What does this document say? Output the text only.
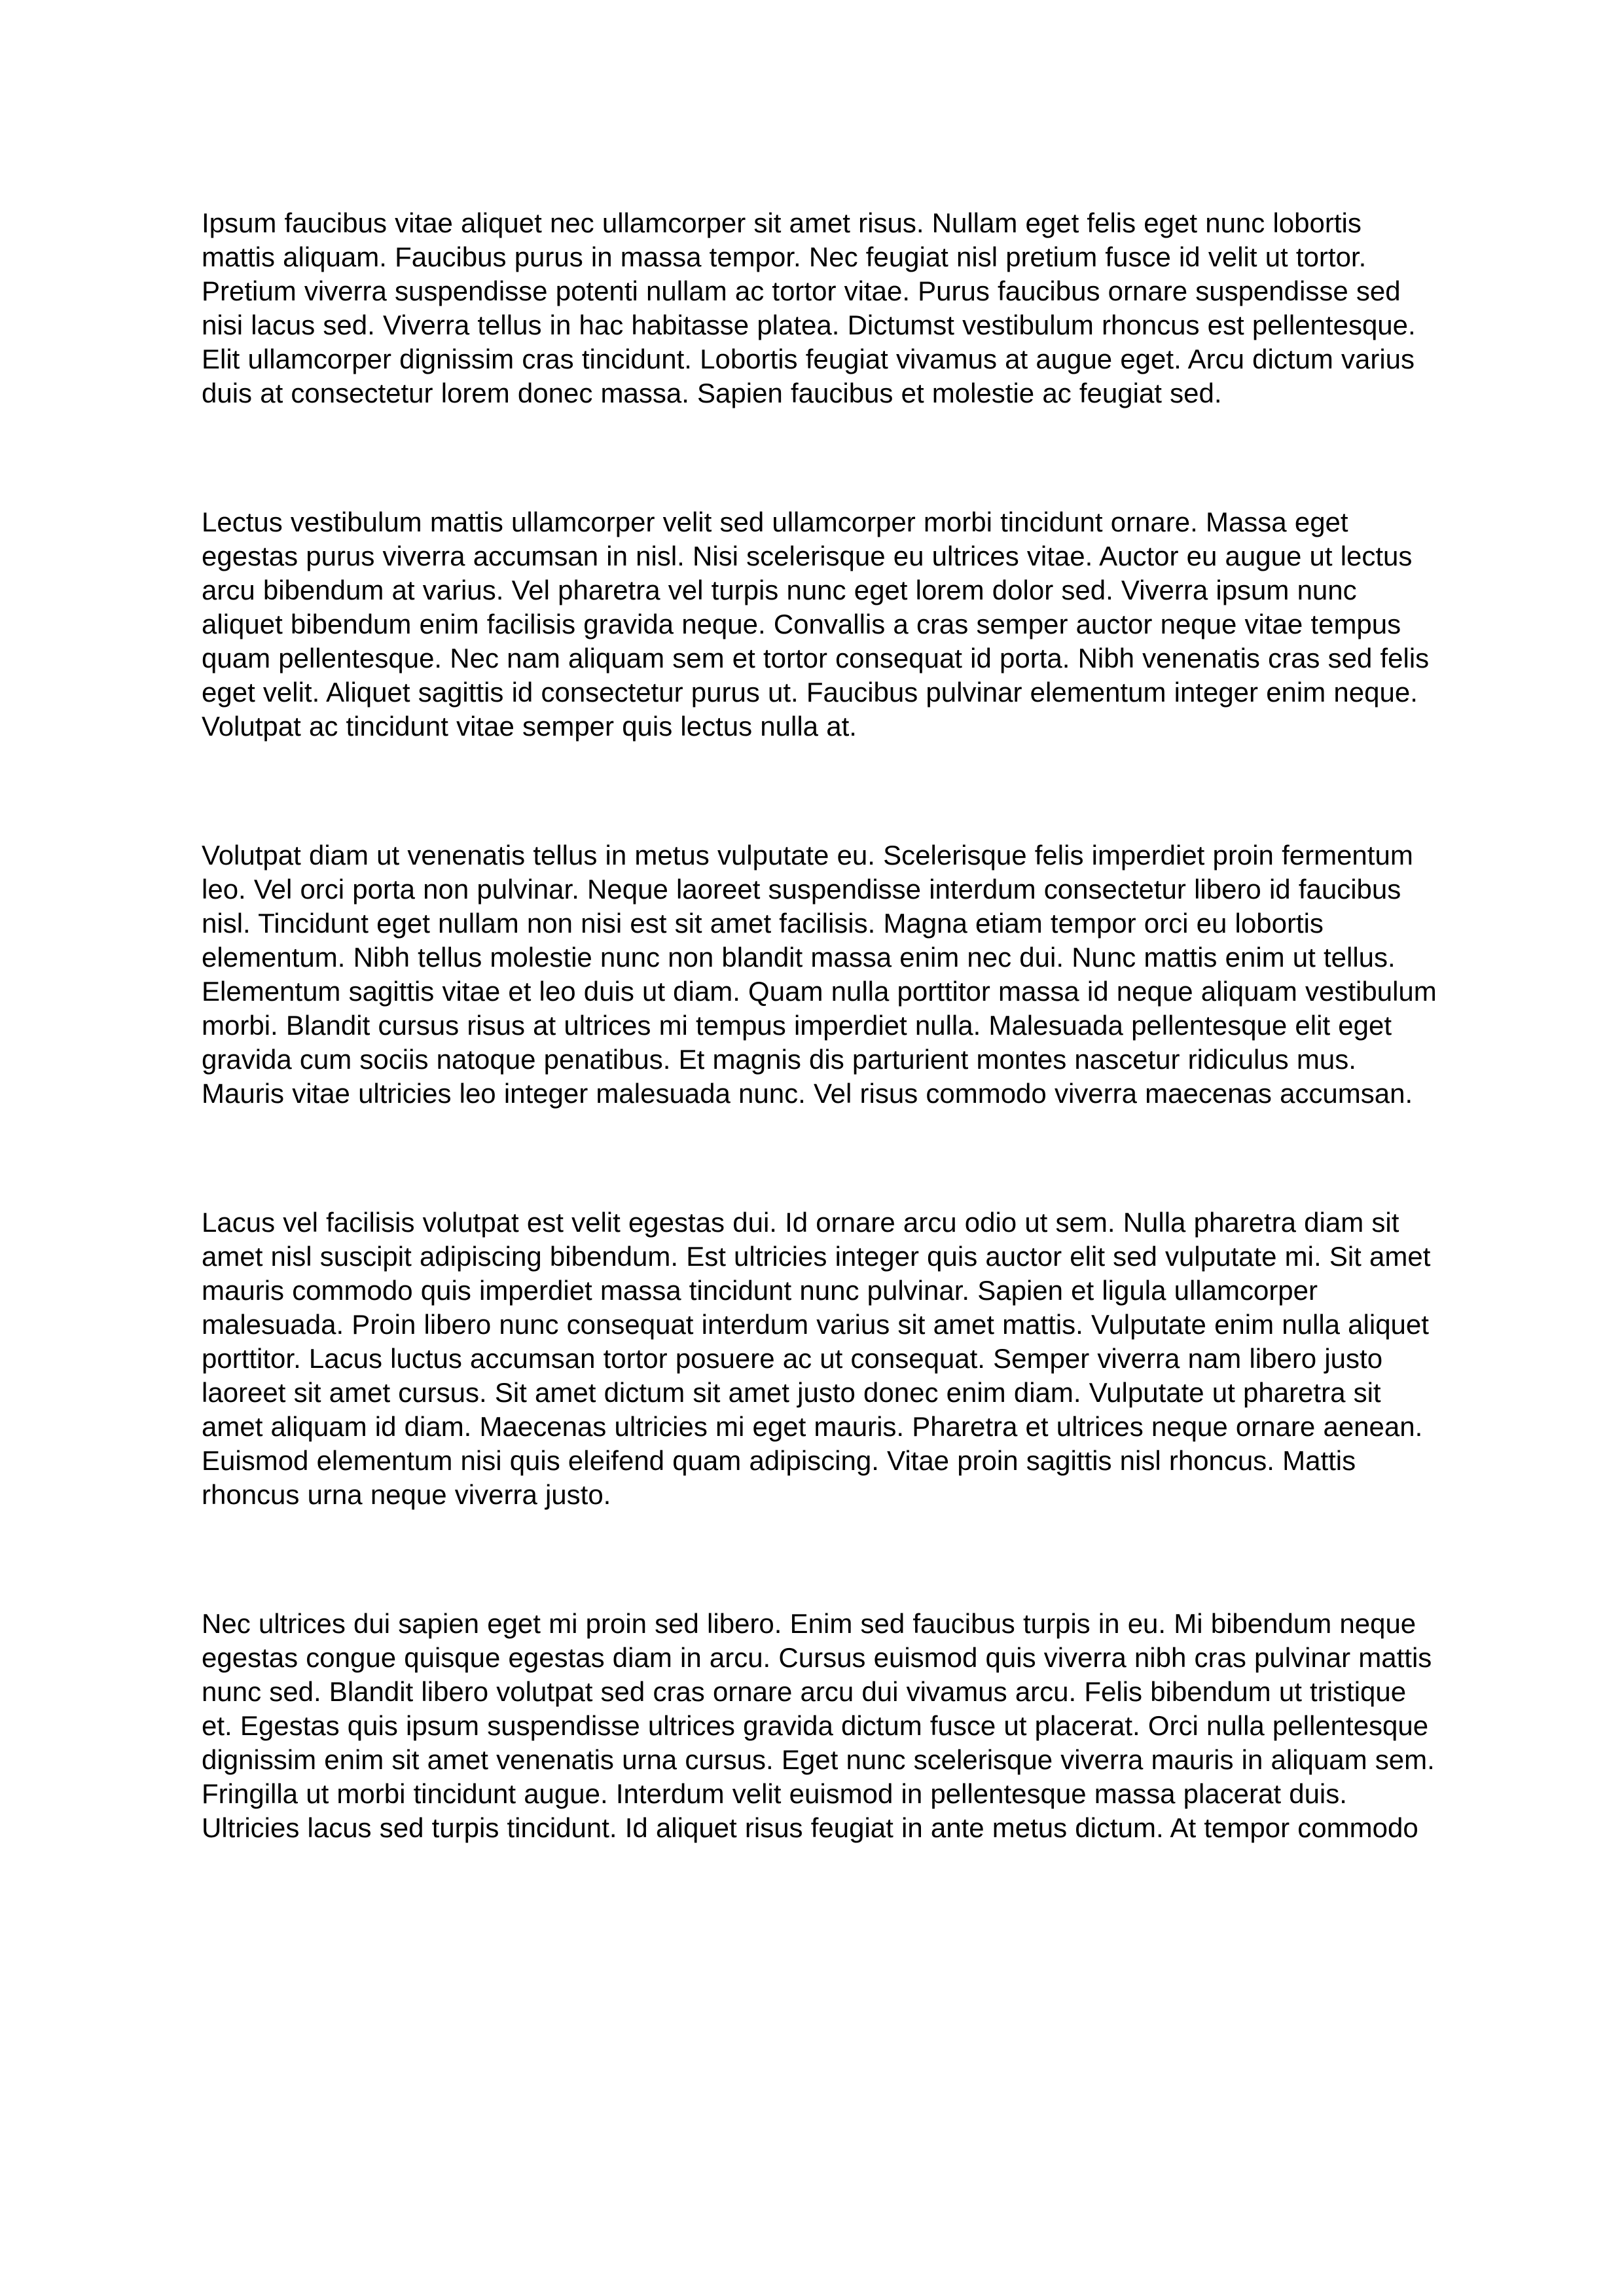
Ipsum faucibus vitae aliquet nec ullamcorper sit amet risus. Nullam eget felis eget nunc lobortis mattis aliquam. Faucibus purus in massa tempor. Nec feugiat nisl pretium fusce id velit ut tortor. Pretium viverra suspendisse potenti nullam ac tortor vitae. Purus faucibus ornare suspendisse sed nisi lacus sed. Viverra tellus in hac habitasse platea. Dictumst vestibulum rhoncus est pellentesque. Elit ullamcorper dignissim cras tincidunt. Lobortis feugiat vivamus at augue eget. Arcu dictum varius duis at consectetur lorem donec massa. Sapien faucibus et molestie ac feugiat sed.

Lectus vestibulum mattis ullamcorper velit sed ullamcorper morbi tincidunt ornare. Massa eget egestas purus viverra accumsan in nisl. Nisi scelerisque eu ultrices vitae. Auctor eu augue ut lectus arcu bibendum at varius. Vel pharetra vel turpis nunc eget lorem dolor sed. Viverra ipsum nunc aliquet bibendum enim facilisis gravida neque. Convallis a cras semper auctor neque vitae tempus quam pellentesque. Nec nam aliquam sem et tortor consequat id porta. Nibh venenatis cras sed felis eget velit. Aliquet sagittis id consectetur purus ut. Faucibus pulvinar elementum integer enim neque. Volutpat ac tincidunt vitae semper quis lectus nulla at.

Volutpat diam ut venenatis tellus in metus vulputate eu. Scelerisque felis imperdiet proin fermentum leo. Vel orci porta non pulvinar. Neque laoreet suspendisse interdum consectetur libero id faucibus nisl. Tincidunt eget nullam non nisi est sit amet facilisis. Magna etiam tempor orci eu lobortis elementum. Nibh tellus molestie nunc non blandit massa enim nec dui. Nunc mattis enim ut tellus. Elementum sagittis vitae et leo duis ut diam. Quam nulla porttitor massa id neque aliquam vestibulum morbi. Blandit cursus risus at ultrices mi tempus imperdiet nulla. Malesuada pellentesque elit eget gravida cum sociis natoque penatibus. Et magnis dis parturient montes nascetur ridiculus mus. Mauris vitae ultricies leo integer malesuada nunc. Vel risus commodo viverra maecenas accumsan.

Lacus vel facilisis volutpat est velit egestas dui. Id ornare arcu odio ut sem. Nulla pharetra diam sit amet nisl suscipit adipiscing bibendum. Est ultricies integer quis auctor elit sed vulputate mi. Sit amet mauris commodo quis imperdiet massa tincidunt nunc pulvinar. Sapien et ligula ullamcorper malesuada. Proin libero nunc consequat interdum varius sit amet mattis. Vulputate enim nulla aliquet porttitor. Lacus luctus accumsan tortor posuere ac ut consequat. Semper viverra nam libero justo laoreet sit amet cursus. Sit amet dictum sit amet justo donec enim diam. Vulputate ut pharetra sit amet aliquam id diam. Maecenas ultricies mi eget mauris. Pharetra et ultrices neque ornare aenean. Euismod elementum nisi quis eleifend quam adipiscing. Vitae proin sagittis nisl rhoncus. Mattis rhoncus urna neque viverra justo.

Nec ultrices dui sapien eget mi proin sed libero. Enim sed faucibus turpis in eu. Mi bibendum neque egestas congue quisque egestas diam in arcu. Cursus euismod quis viverra nibh cras pulvinar mattis nunc sed. Blandit libero volutpat sed cras ornare arcu dui vivamus arcu. Felis bibendum ut tristique et. Egestas quis ipsum suspendisse ultrices gravida dictum fusce ut placerat. Orci nulla pellentesque dignissim enim sit amet venenatis urna cursus. Eget nunc scelerisque viverra mauris in aliquam sem. Fringilla ut morbi tincidunt augue. Interdum velit euismod in pellentesque massa placerat duis. Ultricies lacus sed turpis tincidunt. Id aliquet risus feugiat in ante metus dictum. At tempor commodo
